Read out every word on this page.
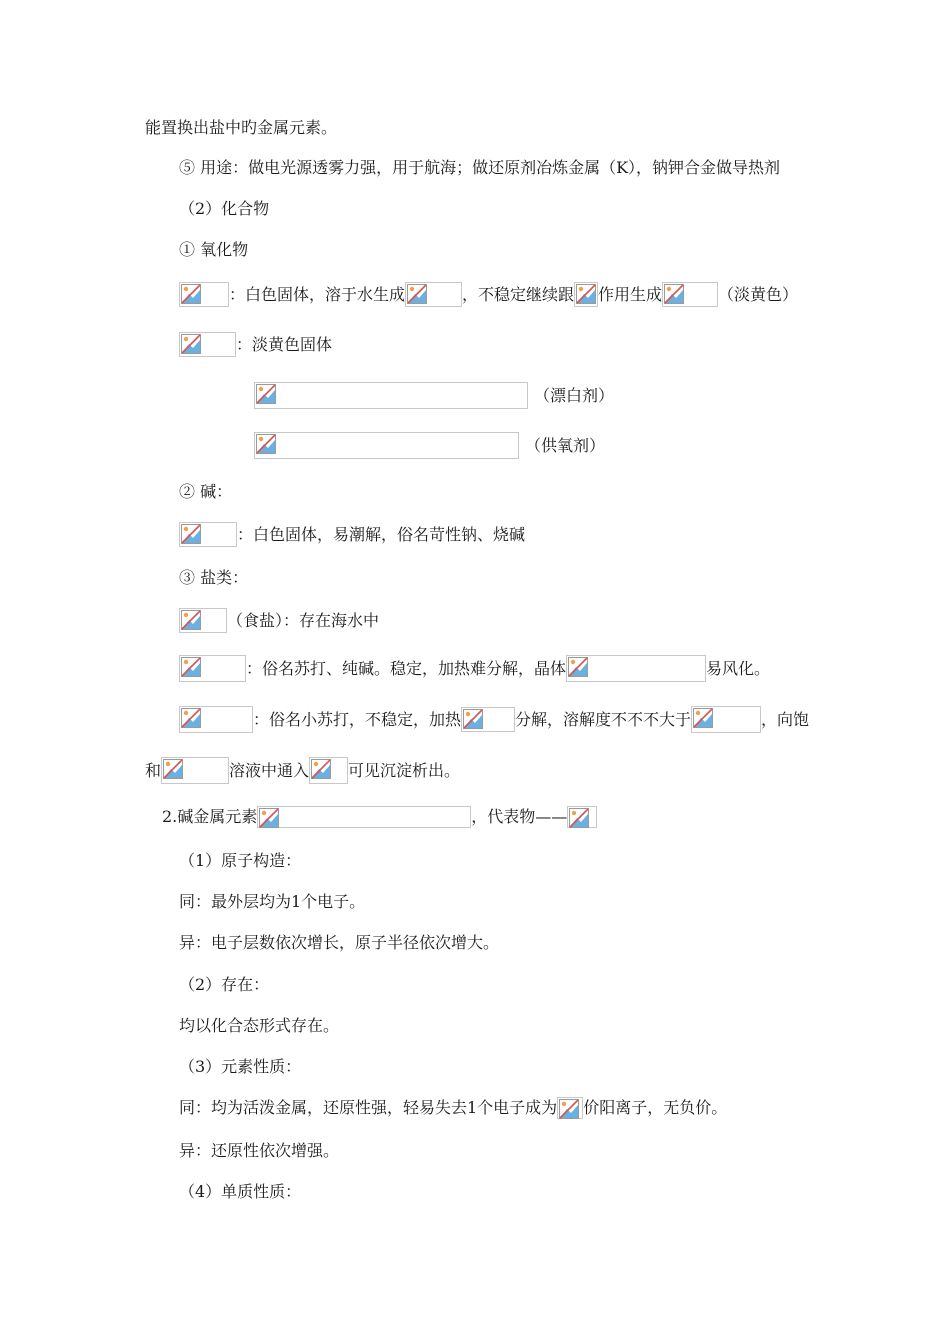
能置换出盐中旳金属元素。
⑤ 用途：做电光源透雾力强，用于航海；做还原剂冶炼金属（K），钠钾合金做导热剂
（2）化合物
① 氧化物
：白色固体，溶于水生成	，不稳定继续跟 作用生成	（淡黄色）
：淡黄色固体
（漂白剂）
（供氧剂）
② 碱：
：白色固体，易潮解，俗名苛性钠、烧碱
③ 盐类：
（食盐）：存在海水中
：俗名苏打、纯碱。稳定，加热难分解，晶体	易风化。
：俗名小苏打，不稳定，加热	分解，溶解度不不不大于	，向饱
和	溶液中通入 可见沉淀析出。
2.碱金属元素	，代表物——
（1）原子构造：
同：最外层均为1个电子。
异：电子层数依次增长，原子半径依次增大。
（2）存在：
均以化合态形式存在。
（3）元素性质：
同：均为活泼金属，还原性强，轻易失去1个电子成为 价阳离子，无负价。
异：还原性依次增强。
（4）单质性质：
